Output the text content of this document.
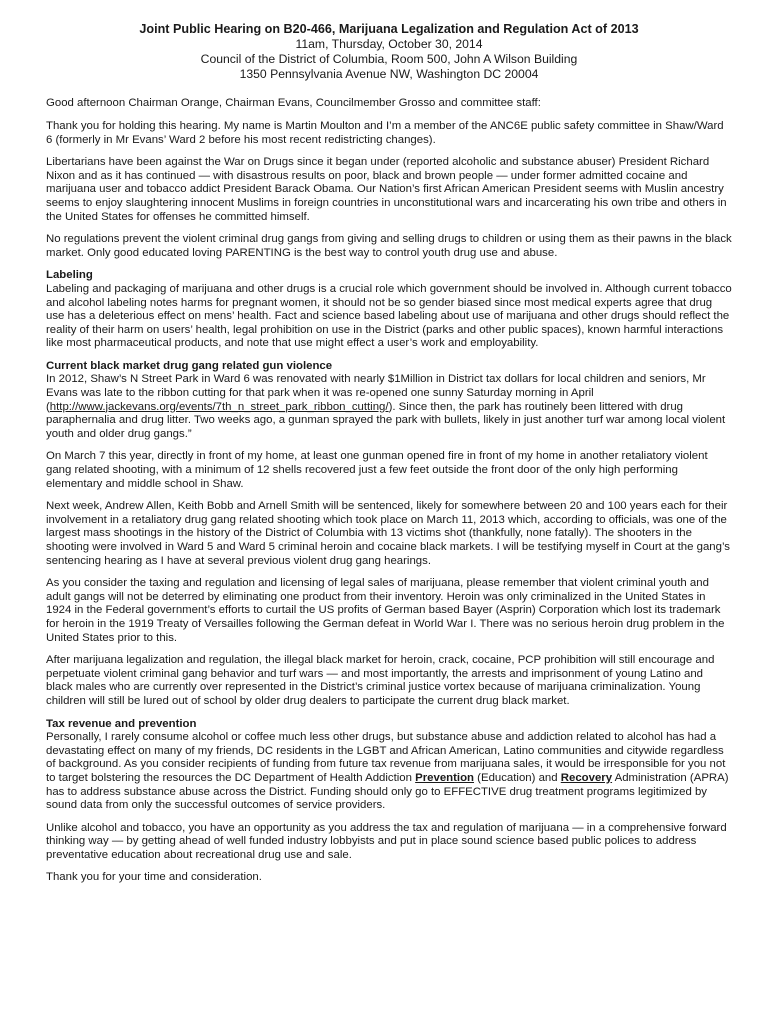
Joint Public Hearing on B20-466, Marijuana Legalization and Regulation Act of 2013
11am, Thursday, October 30, 2014
Council of the District of Columbia, Room 500, John A Wilson Building
1350 Pennsylvania Avenue NW, Washington DC 20004

Good afternoon Chairman Orange, Chairman Evans, Councilmember Grosso and committee staff:

Thank you for holding this hearing. My name is Martin Moulton and I’m a member of the ANC6E public safety committee in Shaw/Ward 6 (formerly in Mr Evans’ Ward 2 before his most recent redistricting changes).

Libertarians have been against the War on Drugs since it began under (reported alcoholic and substance abuser) President Richard Nixon and as it has continued — with disastrous results on poor, black and brown people — under former admitted cocaine and marijuana user and tobacco addict President Barack Obama. Our Nation’s first African American President seems with Muslin ancestry seems to enjoy slaughtering innocent Muslims in foreign countries in unconstitutional wars and incarcerating his own tribe and others in the United States for offenses he committed himself.

No regulations prevent the violent criminal drug gangs from giving and selling drugs to children or using them as their pawns in the black market. Only good educated loving PARENTING is the best way to control youth drug use and abuse.

Labeling
Labeling and packaging of marijuana and other drugs is a crucial role which government should be involved in. Although current tobacco and alcohol labeling notes harms for pregnant women, it should not be so gender biased since most medical experts agree that drug use has a deleterious effect on mens’ health. Fact and science based labeling about use of marijuana and other drugs should reflect the reality of their harm on users’ health, legal prohibition on use in the District (parks and other public spaces), known harmful interactions like most pharmaceutical products, and note that use might effect a user’s work and employability.
Current black market drug gang related gun violence
In 2012, Shaw’s N Street Park in Ward 6 was renovated with nearly $1Million in District tax dollars for local children and seniors, Mr Evans was late to the ribbon cutting for that park when it was re-opened one sunny Saturday morning in April (http://www.jackevans.org/events/7th_n_street_park_ribbon_cutting/). Since then, the park has routinely been littered with drug paraphernalia and drug litter. Two weeks ago, a gunman sprayed the park with bullets, likely in just another turf war among local violent youth and older drug gangs.”

On March 7 this year, directly in front of my home, at least one gunman opened fire in front of my home in another retaliatory violent gang related shooting, with a minimum of 12 shells recovered just a few feet outside the front door of the only high performing elementary and middle school in Shaw.

Next week, Andrew Allen, Keith Bobb and Arnell Smith will be sentenced, likely for somewhere between 20 and 100 years each for their involvement in a retaliatory drug gang related shooting which took place on March 11, 2013 which, according to officials, was one of the largest mass shootings in the history of the District of Columbia with 13 victims shot (thankfully, none fatally). The shooters in the shooting were involved in Ward 5 and Ward 5 criminal heroin and cocaine black markets. I will be testifying myself in Court at the gang’s sentencing hearing as I have at several previous violent drug gang hearings.

As you consider the taxing and regulation and licensing of legal sales of marijuana, please remember that violent criminal youth and adult gangs will not be deterred by eliminating one product from their inventory. Heroin was only criminalized in the United States in 1924 in the Federal government’s efforts to curtail the US profits of German based Bayer (Asprin) Corporation which lost its trademark for heroin in the 1919 Treaty of Versailles following the German defeat in World War I. There was no serious heroin drug problem in the United States prior to this.

After marijuana legalization and regulation, the illegal black market for heroin, crack, cocaine, PCP prohibition will still encourage and perpetuate violent criminal gang behavior and turf wars — and most importantly, the arrests and imprisonment of young Latino and black males who are currently over represented in the District’s criminal justice vortex because of marijuana criminalization. Young children will still be lured out of school by older drug dealers to participate the current drug black market.

Tax revenue and prevention
Personally, I rarely consume alcohol or coffee much less other drugs, but substance abuse and addiction related to alcohol has had a devastating effect on many of my friends, DC residents in the LGBT and African American, Latino communities and citywide regardless of background. As you consider recipients of funding from future tax revenue from marijuana sales, it would be irresponsible for you not to target bolstering the resources the DC Department of Health Addiction Prevention (Education) and Recovery Administration (APRA) has to address substance abuse across the District. Funding should only go to EFFECTIVE drug treatment programs legitimized by sound data from only the successful outcomes of service providers.

Unlike alcohol and tobacco, you have an opportunity as you address the tax and regulation of marijuana — in a comprehensive forward thinking way — by getting ahead of well funded industry lobbyists and put in place sound science based public polices to address preventative education about recreational drug use and sale.

Thank you for your time and consideration.
